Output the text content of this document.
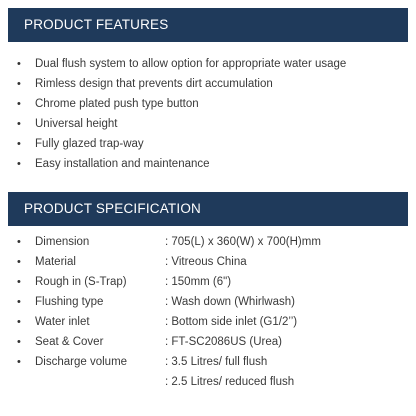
PRODUCT FEATURES
• Dual flush system to allow option for appropriate water usage
• Rimless design that prevents dirt accumulation
• Chrome plated push type button
• Universal height
• Fully glazed trap-way
• Easy installation and maintenance
PRODUCT SPECIFICATION
• Dimension	: 705(L) x 360(W) x 700(H)mm
• Material	: Vitreous China
• Rough in (S-Trap)	: 150mm (6")
• Flushing type	: Wash down (Whirlwash)
• Water inlet	: Bottom side inlet (G1/2’’)
• Seat & Cover	: FT-SC2086US (Urea)
• Discharge volume	: 3.5 Litres/ full flush
: 2.5 Litres/ reduced flush
